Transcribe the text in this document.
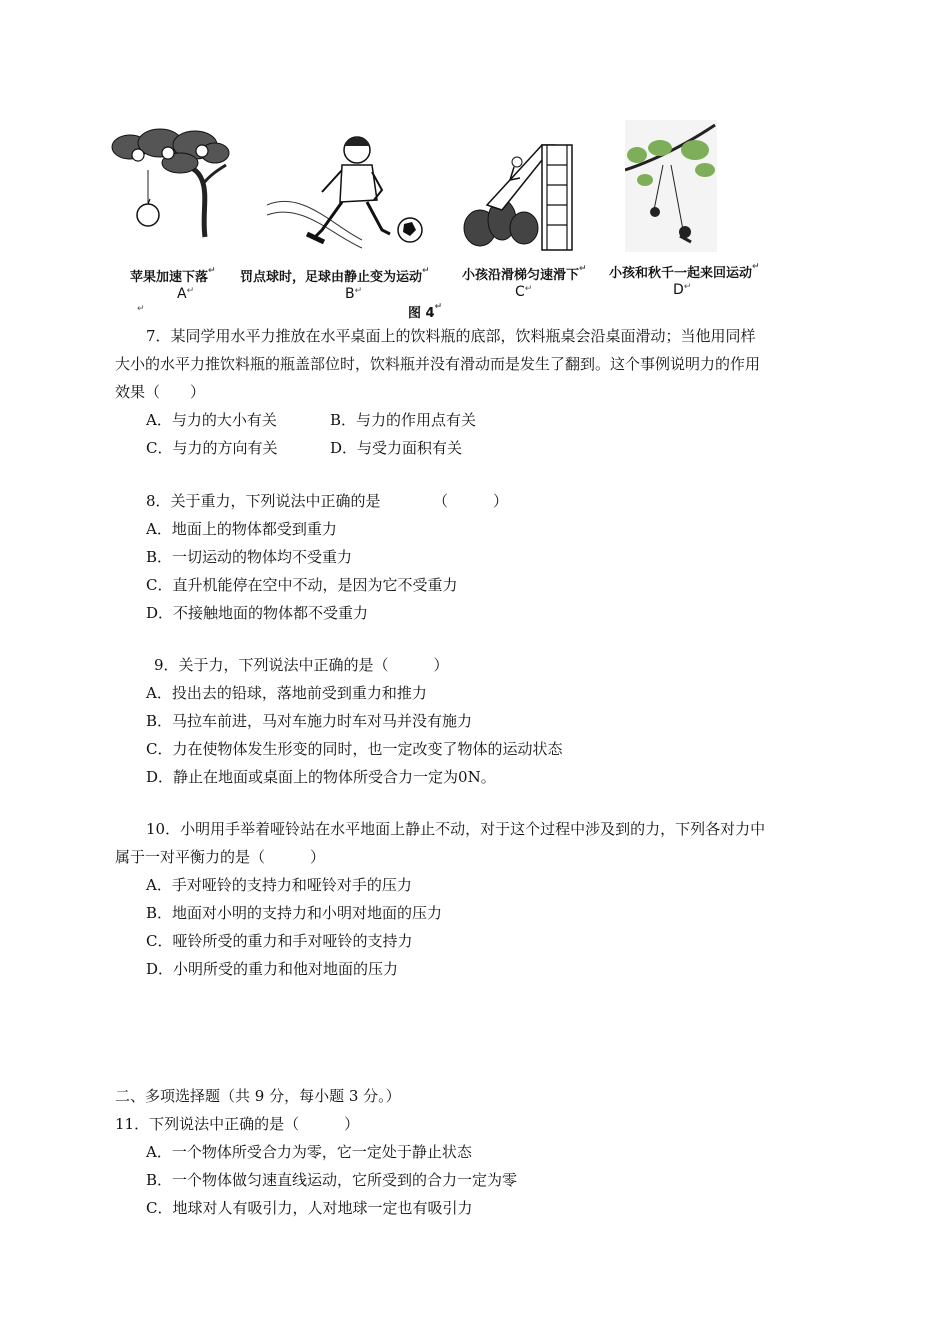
苹果加速下落↵
A↵
↵
罚点球时，足球由静止变为运动↵
B↵
小孩沿滑梯匀速滑下↵
C↵
小孩和秋千一起来回运动↵
D↵
图 4↵
7．某同学用水平力推放在水平桌面上的饮料瓶的底部，饮料瓶桌会沿桌面滑动；当他用同样
大小的水平力推饮料瓶的瓶盖部位时，饮料瓶并没有滑动而是发生了翻到。这个事例说明力的作用
效果（　　）
A．与力的大小有关	B．与力的作用点有关
C．与力的方向有关	D．与受力面积有关
8．关于重力，下列说法中正确的是　　　　（　　　）
A．地面上的物体都受到重力
B．一切运动的物体均不受重力
C．直升机能停在空中不动，是因为它不受重力
D．不接触地面的物体都不受重力
9．关于力，下列说法中正确的是（　　　）
A．投出去的铅球，落地前受到重力和推力
B．马拉车前进，马对车施力时车对马并没有施力
C．力在使物体发生形变的同时，也一定改变了物体的运动状态
D．静止在地面或桌面上的物体所受合力一定为0N。
10．小明用手举着哑铃站在水平地面上静止不动，对于这个过程中涉及到的力，下列各对力中
属于一对平衡力的是（　　　）
A．手对哑铃的支持力和哑铃对手的压力
B．地面对小明的支持力和小明对地面的压力
C．哑铃所受的重力和手对哑铃的支持力
D．小明所受的重力和他对地面的压力
二、多项选择题（共 9 分，每小题 3 分。）
11．下列说法中正确的是（　　　）
A．一个物体所受合力为零，它一定处于静止状态
B．一个物体做匀速直线运动，它所受到的合力一定为零
C．地球对人有吸引力，人对地球一定也有吸引力
